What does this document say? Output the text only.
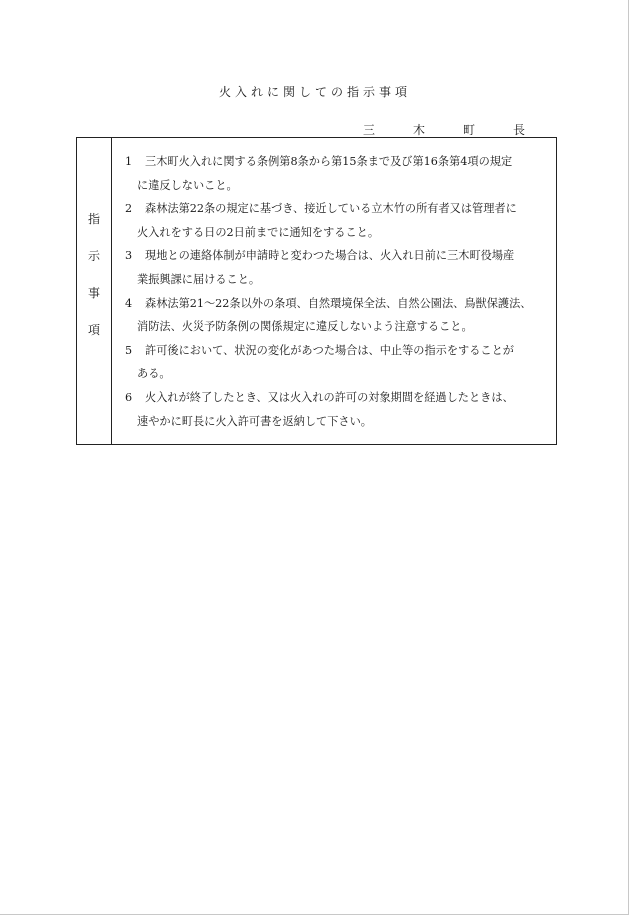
火入れに関しての指示事項
三　木　町　長
指
示
事
項

1 三木町火入れに関する条例第8条から第15条まで及び第16条第4項の規定
に違反しないこと。

2 森林法第22条の規定に基づき、接近している立木竹の所有者又は管理者に
火入れをする日の2日前までに通知をすること。

3 現地との連絡体制が申請時と変わつた場合は、火入れ日前に三木町役場産
業振興課に届けること。

4 森林法第21～22条以外の条項、自然環境保全法、自然公園法、鳥獣保護法、
消防法、火災予防条例の関係規定に違反しないよう注意すること。

5 許可後において、状況の変化があつた場合は、中止等の指示をすることが
ある。

6 火入れが終了したとき、又は火入れの許可の対象期間を経過したときは、
速やかに町長に火入許可書を返納して下さい。
